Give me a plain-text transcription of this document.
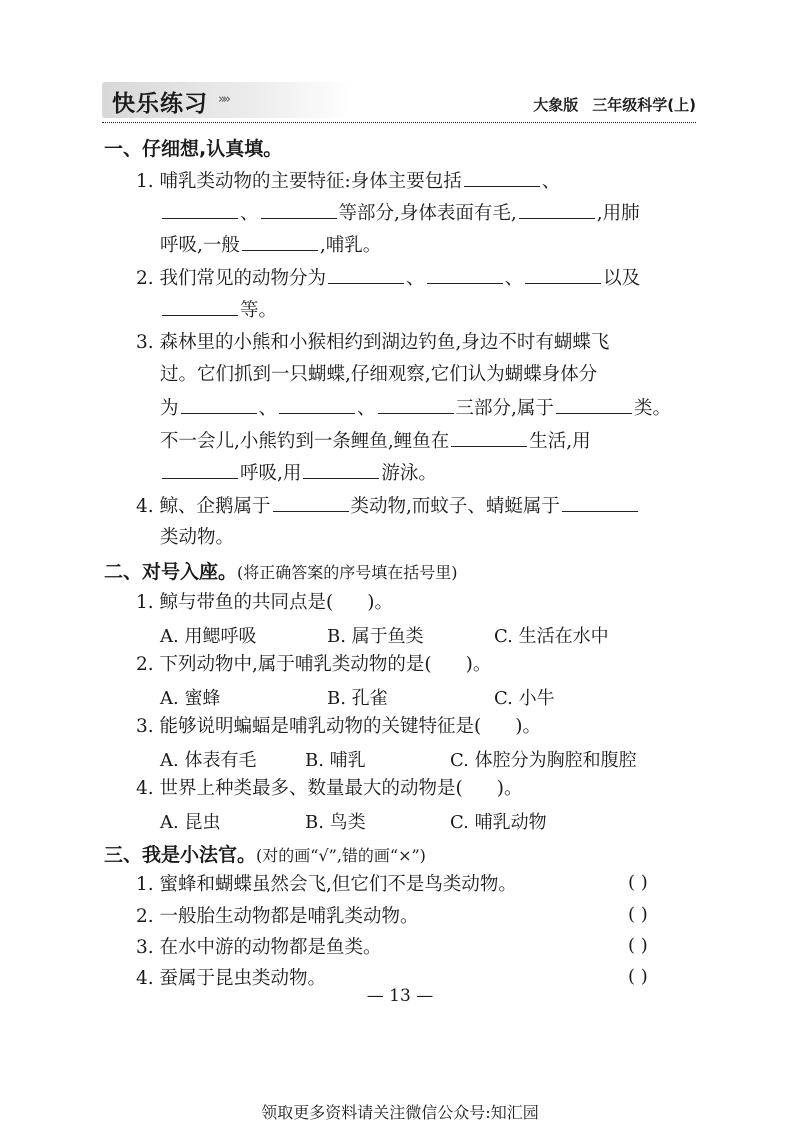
快乐练习 »»	大象版 三年级科学(上)
一、仔细想,认真填。
1. 哺乳类动物的主要特征:身体主要包括	、
、	等部分,身体表面有毛,	,用肺
呼吸,一般	,哺乳。
2. 我们常见的动物分为	、	、	以及
等。
3. 森林里的小熊和小猴相约到湖边钓鱼,身边不时有蝴蝶飞
过。它们抓到一只蝴蝶,仔细观察,它们认为蝴蝶身体分
为	、	、	三部分,属于	类。
不一会儿,小熊钓到一条鲤鱼,鲤鱼在	生活,用
呼吸,用	游泳。
4. 鲸、企鹅属于	类动物,而蚊子、蜻蜓属于
类动物。
二、对号入座。(将正确答案的序号填在括号里)
1. 鲸与带鱼的共同点是( )。
A. 用鳃呼吸	B. 属于鱼类	C. 生活在水中
2. 下列动物中,属于哺乳类动物的是( )。
A. 蜜蜂	B. 孔雀	C. 小牛
3. 能够说明蝙蝠是哺乳动物的关键特征是( )。
A. 体表有毛	B. 哺乳	C. 体腔分为胸腔和腹腔
4. 世界上种类最多、数量最大的动物是( )。
A. 昆虫	B. 鸟类	C. 哺乳动物
三、我是小法官。(对的画“√”,错的画“×”)
1. 蜜蜂和蝴蝶虽然会飞,但它们不是鸟类动物。	( )
2. 一般胎生动物都是哺乳类动物。	( )
3. 在水中游的动物都是鱼类。	( )
4. 蚕属于昆虫类动物。	( )
— 13 —
领取更多资料请关注微信公众号:知汇园
